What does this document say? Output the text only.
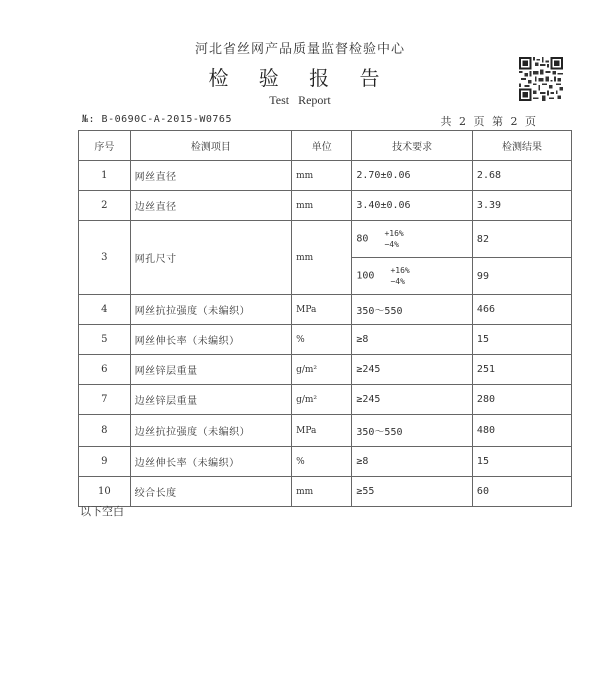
河北省丝网产品质量监督检验中心
检 验 报 告
Test Report
№: B-0690C-A-2015-W0765	共 2 页 第 2 页
序号	检测项目	单位	技术要求	检测结果
1	网丝直径	mm	2.70±0.06	2.68
2	边丝直径	mm	3.40±0.06	3.39
3	网孔尺寸	mm	80 +16%
−4%	82
			100 +16%
−4%	99
4	网丝抗拉强度（未编织）	MPa	350～550	466
5	网丝伸长率（未编织）	%	≥8	15
6	网丝锌层重量	g/m²	≥245	251
7	边丝锌层重量	g/m²	≥245	280
8	边丝抗拉强度（未编织）	MPa	350～550	480
9	边丝伸长率（未编织）	%	≥8	15
10	绞合长度	mm	≥55	60
以下空白
